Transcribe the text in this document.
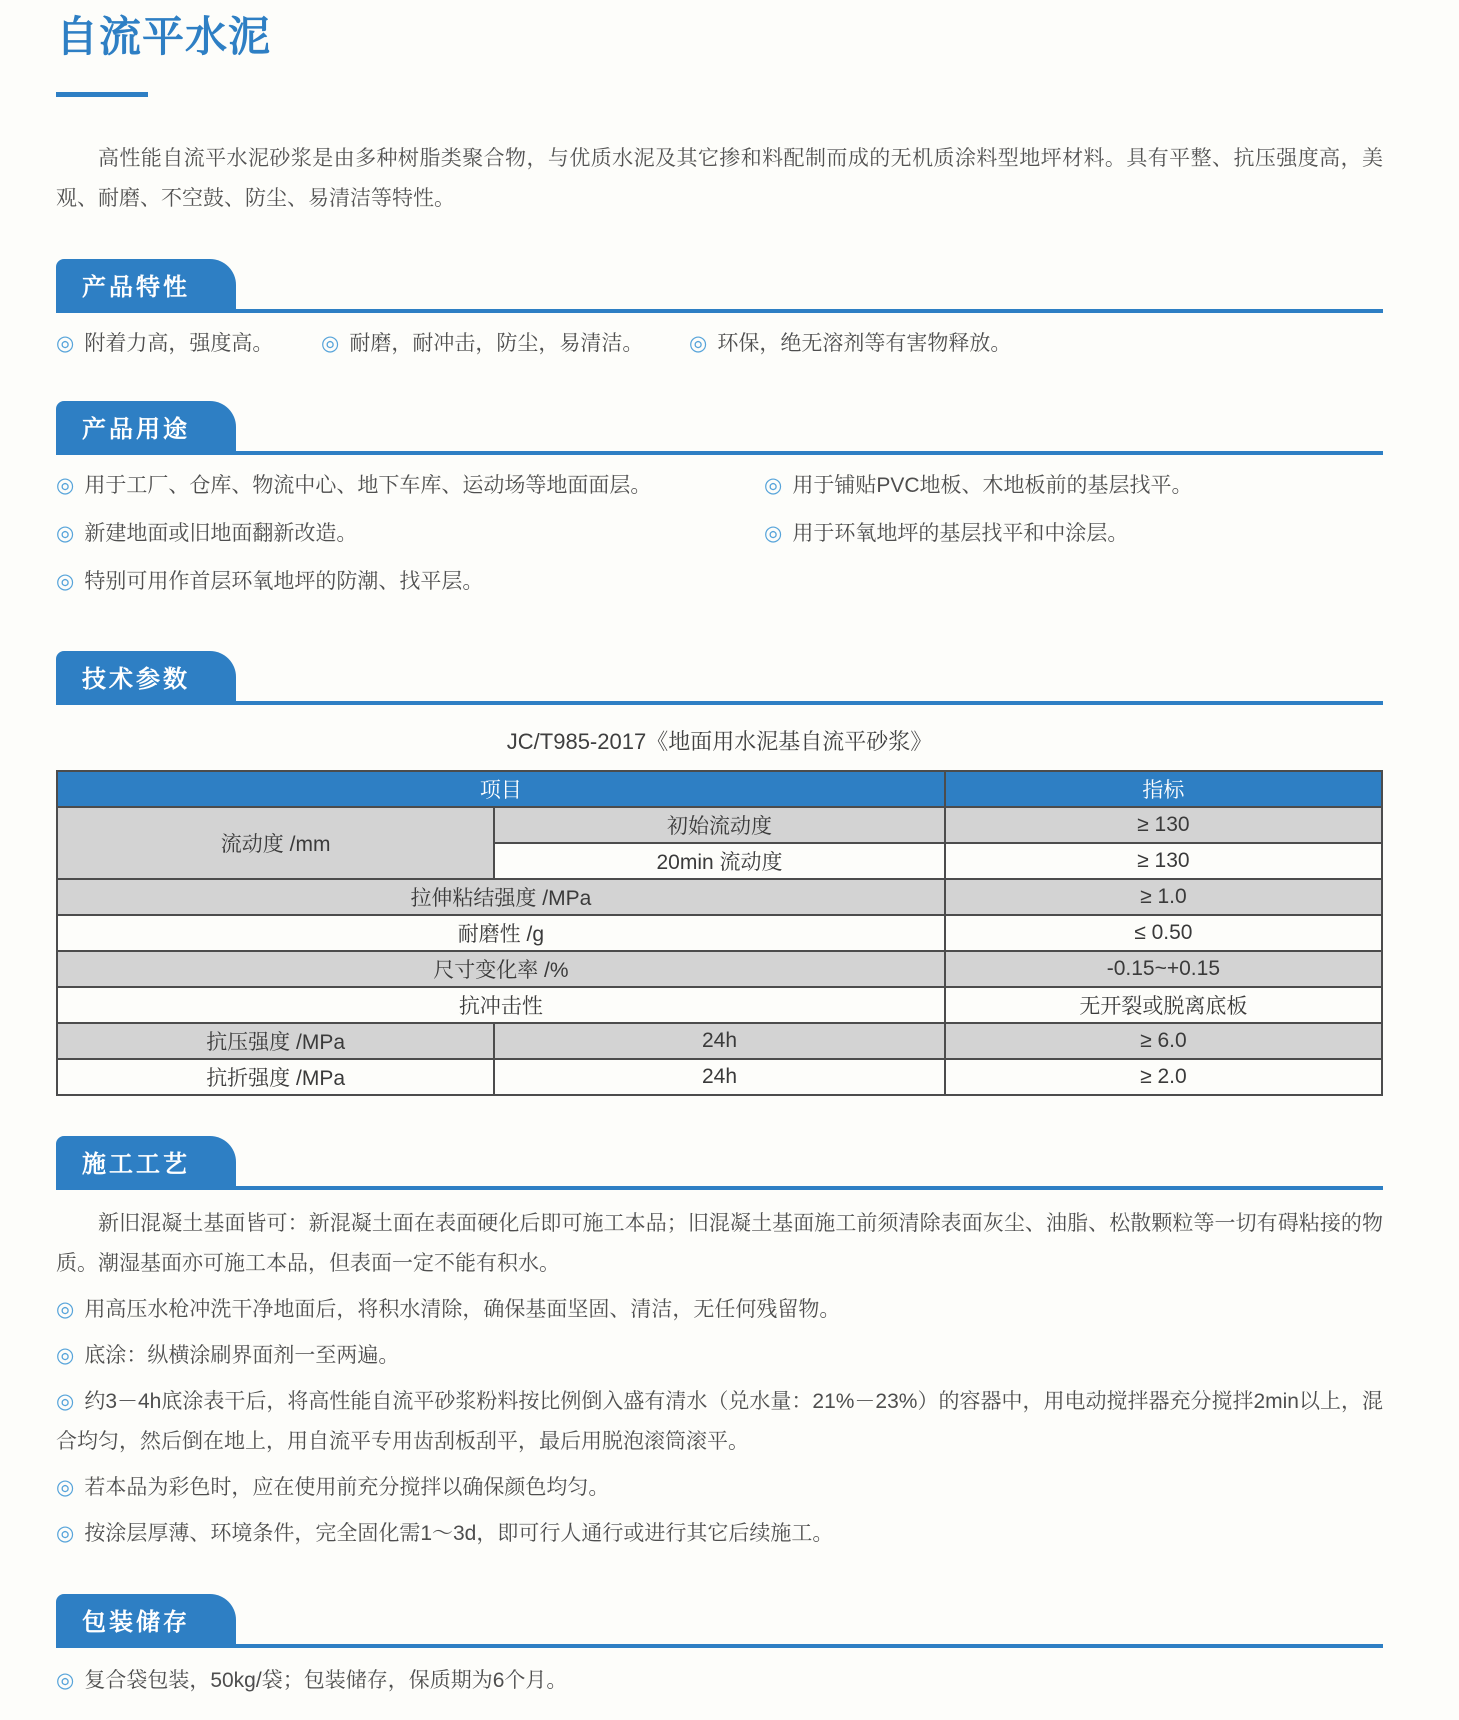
自流平水泥

高性能自流平水泥砂浆是由多种树脂类聚合物，与优质水泥及其它掺和料配制而成的无机质涂料型地坪材料。具有平整、抗压强度高，美观、耐磨、不空鼓、防尘、易清洁等特性。

产品特性

◎ 附着力高，强度高。	◎ 耐磨，耐冲击，防尘，易清洁。	◎ 环保，绝无溶剂等有害物释放。

产品用途

◎ 用于工厂、仓库、物流中心、地下车库、运动场等地面面层。

◎ 新建地面或旧地面翻新改造。

◎ 特别可用作首层环氧地坪的防潮、找平层。

◎ 用于铺贴PVC地板、木地板前的基层找平。

◎ 用于环氧地坪的基层找平和中涂层。

技术参数

JC/T985-2017《地面用水泥基自流平砂浆》

项目		指标
流动度 /mm	初始流动度	≥ 130
	20min 流动度	≥ 130
拉伸粘结强度 /MPa		≥ 1.0
耐磨性 /g		≤ 0.50
尺寸变化率 /%		-0.15~+0.15
抗冲击性		无开裂或脱离底板
抗压强度 /MPa	24h	≥ 6.0
抗折强度 /MPa	24h	≥ 2.0
施工工艺

新旧混凝土基面皆可：新混凝土面在表面硬化后即可施工本品；旧混凝土基面施工前须清除表面灰尘、油脂、松散颗粒等一切有碍粘接的物质。潮湿基面亦可施工本品，但表面一定不能有积水。

◎ 用高压水枪冲洗干净地面后，将积水清除，确保基面坚固、清洁，无任何残留物。

◎ 底涂：纵横涂刷界面剂一至两遍。

◎ 约3－4h底涂表干后，将高性能自流平砂浆粉料按比例倒入盛有清水（兑水量：21%－23%）的容器中，用电动搅拌器充分搅拌2min以上，混合均匀，然后倒在地上，用自流平专用齿刮板刮平，最后用脱泡滚筒滚平。

◎ 若本品为彩色时，应在使用前充分搅拌以确保颜色均匀。

◎ 按涂层厚薄、环境条件，完全固化需1～3d，即可行人通行或进行其它后续施工。

包装储存

◎ 复合袋包装，50kg/袋；包装储存，保质期为6个月。
